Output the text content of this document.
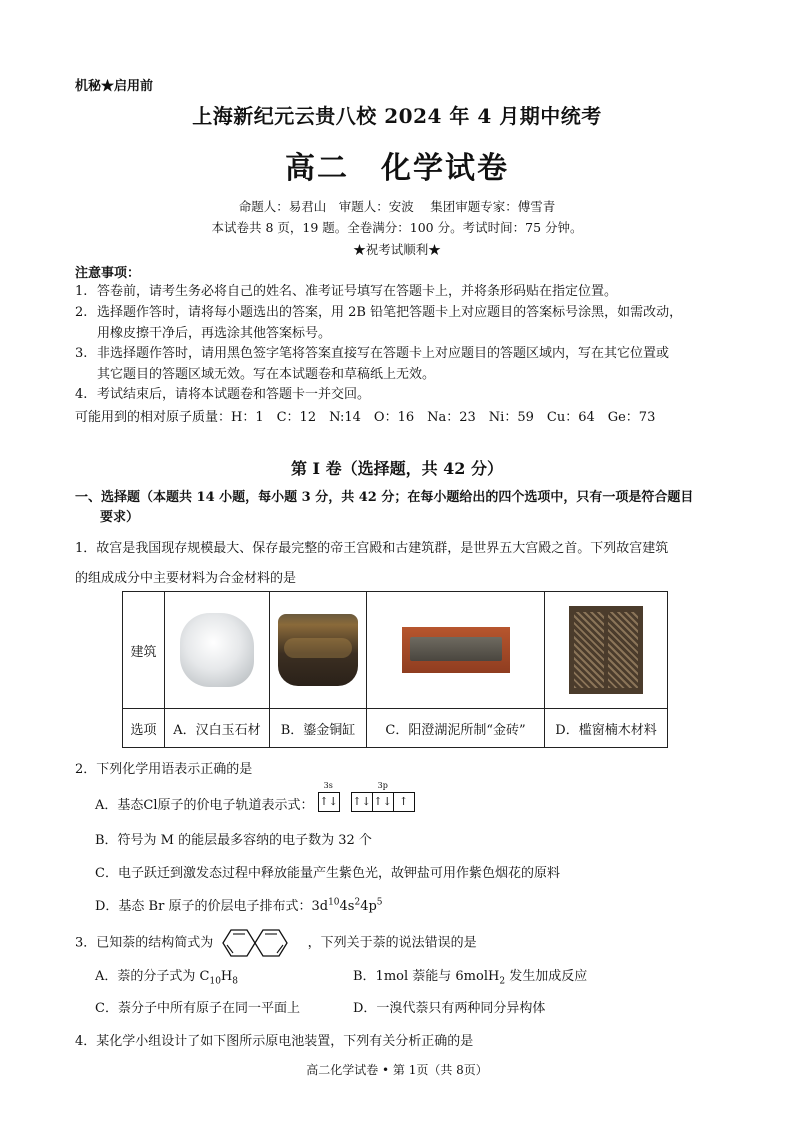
机秘★启用前
上海新纪元云贵八校 2024 年 4 月期中统考
高二　化学试卷
命题人：易君山　审题人：安波　 集团审题专家：傅雪青
本试卷共 8 页，19 题。全卷满分：100 分。考试时间：75 分钟。
★祝考试顺利★
注意事项：
1. 答卷前，请考生务必将自己的姓名、准考证号填写在答题卡上，并将条形码贴在指定位置。
2. 选择题作答时，请将每小题选出的答案，用 2B 铅笔把答题卡上对应题目的答案标号涂黑，如需改动，
用橡皮擦干净后，再选涂其他答案标号。
3. 非选择题作答时，请用黑色签字笔将答案直接写在答题卡上对应题目的答题区域内，写在其它位置或
其它题目的答题区域无效。写在本试题卷和草稿纸上无效。
4. 考试结束后，请将本试题卷和答题卡一并交回。
可能用到的相对原子质量：H：1　C：12　N:14　O：16　Na：23　Ni：59　Cu：64　Ge：73
第 I 卷（选择题，共 42 分）
一、选择题（本题共 14 小题，每小题 3 分，共 42 分；在每小题给出的四个选项中，只有一项是符合题目
要求）
1．故宫是我国现存规模最大、保存最完整的帝王宫殿和古建筑群，是世界五大宫殿之首。下列故宫建筑
的组成成分中主要材料为合金材料的是
建筑	

选项	A．汉白玉石材	B．鎏金铜缸	C．阳澄湖泥所制“金砖”	D．槛窗楠木材料
2．下列化学用语表示正确的是
A．基态Cl原子的价电子轨道表示式：
3s	3p
↑↓ ↑↓ ↑↓ ↑
B．符号为 M 的能层最多容纳的电子数为 32 个
C．电子跃迁到激发态过程中释放能量产生紫色光，故钾盐可用作紫色烟花的原料
D．基态 Br 原子的价层电子排布式：$3d^{10}4s^24p^5$
3．已知萘的结构简式为	，下列关于萘的说法错误的是
A．萘的分子式为 $C_{10}H_8$	B．1mol 萘能与 6molH$_2$ 发生加成反应
C．萘分子中所有原子在同一平面上	D．一溴代萘只有两种同分异构体
4．某化学小组设计了如下图所示原电池装置，下列有关分析正确的是
高二化学试卷 • 第 1页（共 8页）
